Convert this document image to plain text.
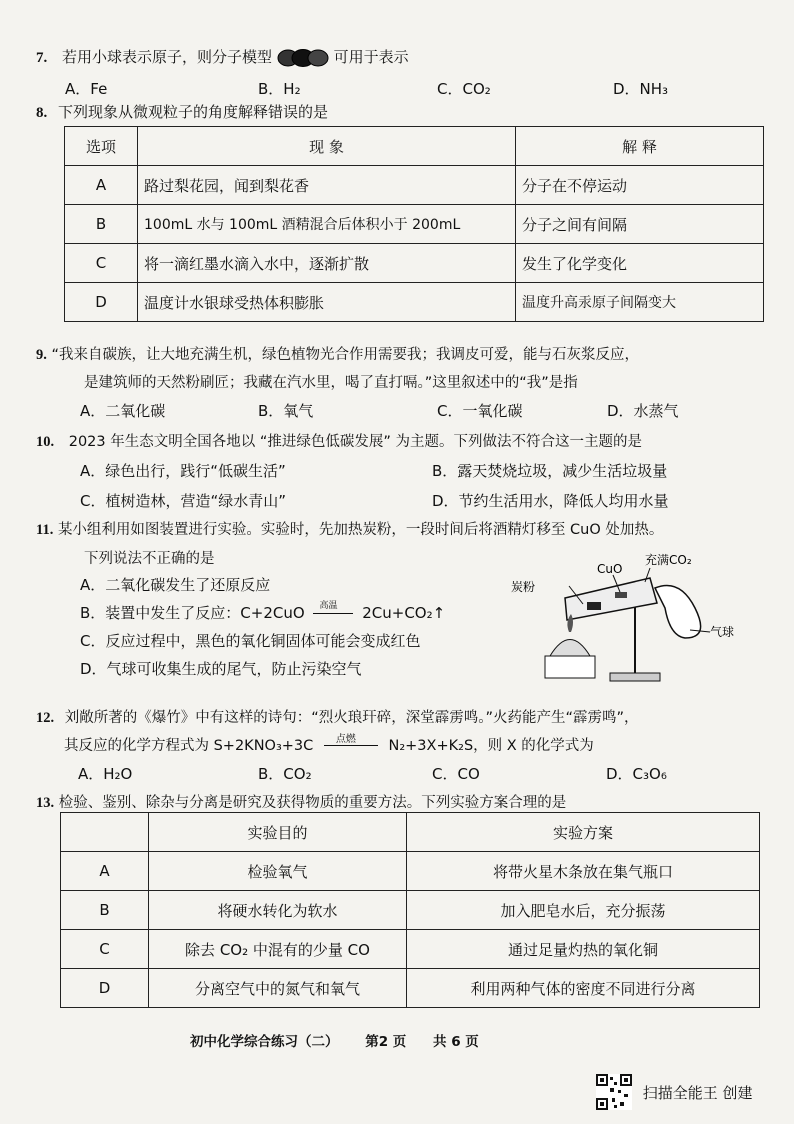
7. 若用小球表示原子，则分子模型	可用于表示
A．Fe	B．H₂	C．CO₂	D．NH₃
8. 下列现象从微观粒子的角度解释错误的是
选项	现 象	解 释
A	路过梨花园，闻到梨花香	分子在不停运动
B	100mL 水与 100mL 酒精混合后体积小于 200mL	分子之间有间隔
C	将一滴红墨水滴入水中，逐渐扩散	发生了化学变化
D	温度计水银球受热体积膨胀	温度升高汞原子间隔变大
9. “我来自碳族，让大地充满生机，绿色植物光合作用需要我；我调皮可爱，能与石灰浆反应，
是建筑师的天然粉刷匠；我藏在汽水里，喝了直打嗝。”这里叙述中的“我”是指
A．二氧化碳	B．氧气	C．一氧化碳	D．水蒸气
10. 2023 年生态文明全国各地以 “推进绿色低碳发展” 为主题。下列做法不符合这一主题的是
A．绿色出行，践行“低碳生活”	B．露天焚烧垃圾，减少生活垃圾量
C．植树造林，营造“绿水青山”	D．节约生活用水，降低人均用水量
11. 某小组利用如图装置进行实验。实验时，先加热炭粉，一段时间后将酒精灯移至 CuO 处加热。
下列说法不正确的是
A．二氧化碳发生了还原反应
B．装置中发生了反应：C+2CuO 高温 2Cu+CO₂↑
C．反应过程中，黑色的氧化铜固体可能会变成红色
D．气球可收集生成的尾气，防止污染空气
炭粉
CuO
充满CO₂
气球
12. 刘敞所著的《爆竹》中有这样的诗句：“烈火琅玕碎，深堂霹雳鸣。”火药能产生“霹雳鸣”，
其反应的化学方程式为 S+2KNO₃+3C 点燃 N₂+3X+K₂S，则 X 的化学式为
A．H₂O	B．CO₂	C．CO	D．C₃O₆
13. 检验、鉴别、除杂与分离是研究及获得物质的重要方法。下列实验方案合理的是
	实验目的	实验方案
A	检验氧气	将带火星木条放在集气瓶口
B	将硬水转化为软水	加入肥皂水后，充分振荡
C	除去 CO₂ 中混有的少量 CO	通过足量灼热的氧化铜
D	分离空气中的氮气和氧气	利用两种气体的密度不同进行分离
初中化学综合练习（二） 第2 页 共 6 页
扫描全能王 创建
